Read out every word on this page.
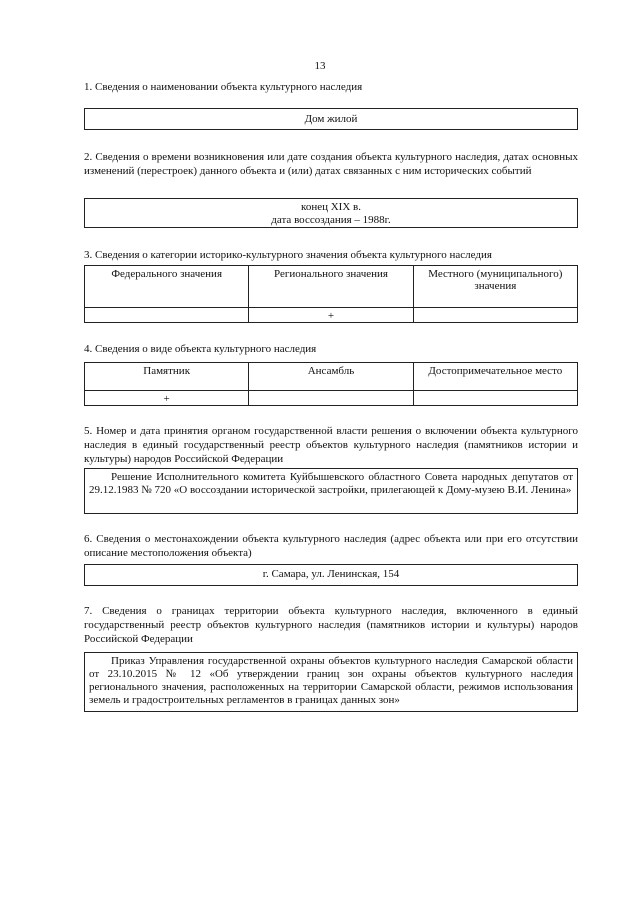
13
1. Сведения о наименовании объекта культурного наследия
Дом жилой
2. Сведения о времени возникновения или дате создания объекта культурного наследия, датах основных изменений (перестроек) данного объекта и (или) датах связанных с ним исторических событий

конец XIX в.

дата воссоздания – 1988г.

3. Сведения о категории историко-культурного значения объекта культурного наследия
Федерального значения	Регионального значения	Местного (муниципального) значения
	+	
4. Сведения о виде объекта культурного наследия
Памятник	Ансамбль	Достопримечательное место
+		
5. Номер и дата принятия органом государственной власти решения о включении объекта культурного наследия в единый государственный реестр объектов культурного наследия (памятников истории и культуры) народов Российской Федерации

Решение Исполнительного комитета Куйбышевского областного Совета народных депутатов от 29.12.1983 № 720 «О воссоздании исторической застройки, прилегающей к Дому-музею В.И. Ленина»

6. Сведения о местонахождении объекта культурного наследия (адрес объекта или при его отсутствии описание местоположения объекта)
г. Самара, ул. Ленинская, 154
7. Сведения о границах территории объекта культурного наследия, включенного в единый государственный реестр объектов культурного наследия (памятников истории и культуры) народов Российской Федерации

Приказ Управления государственной охраны объектов культурного наследия Самарской области от 23.10.2015 № 12 «Об утверждении границ зон охраны объектов культурного наследия регионального значения, расположенных на территории Самарской области, режимов использования земель и градостроительных регламентов в границах данных зон»
